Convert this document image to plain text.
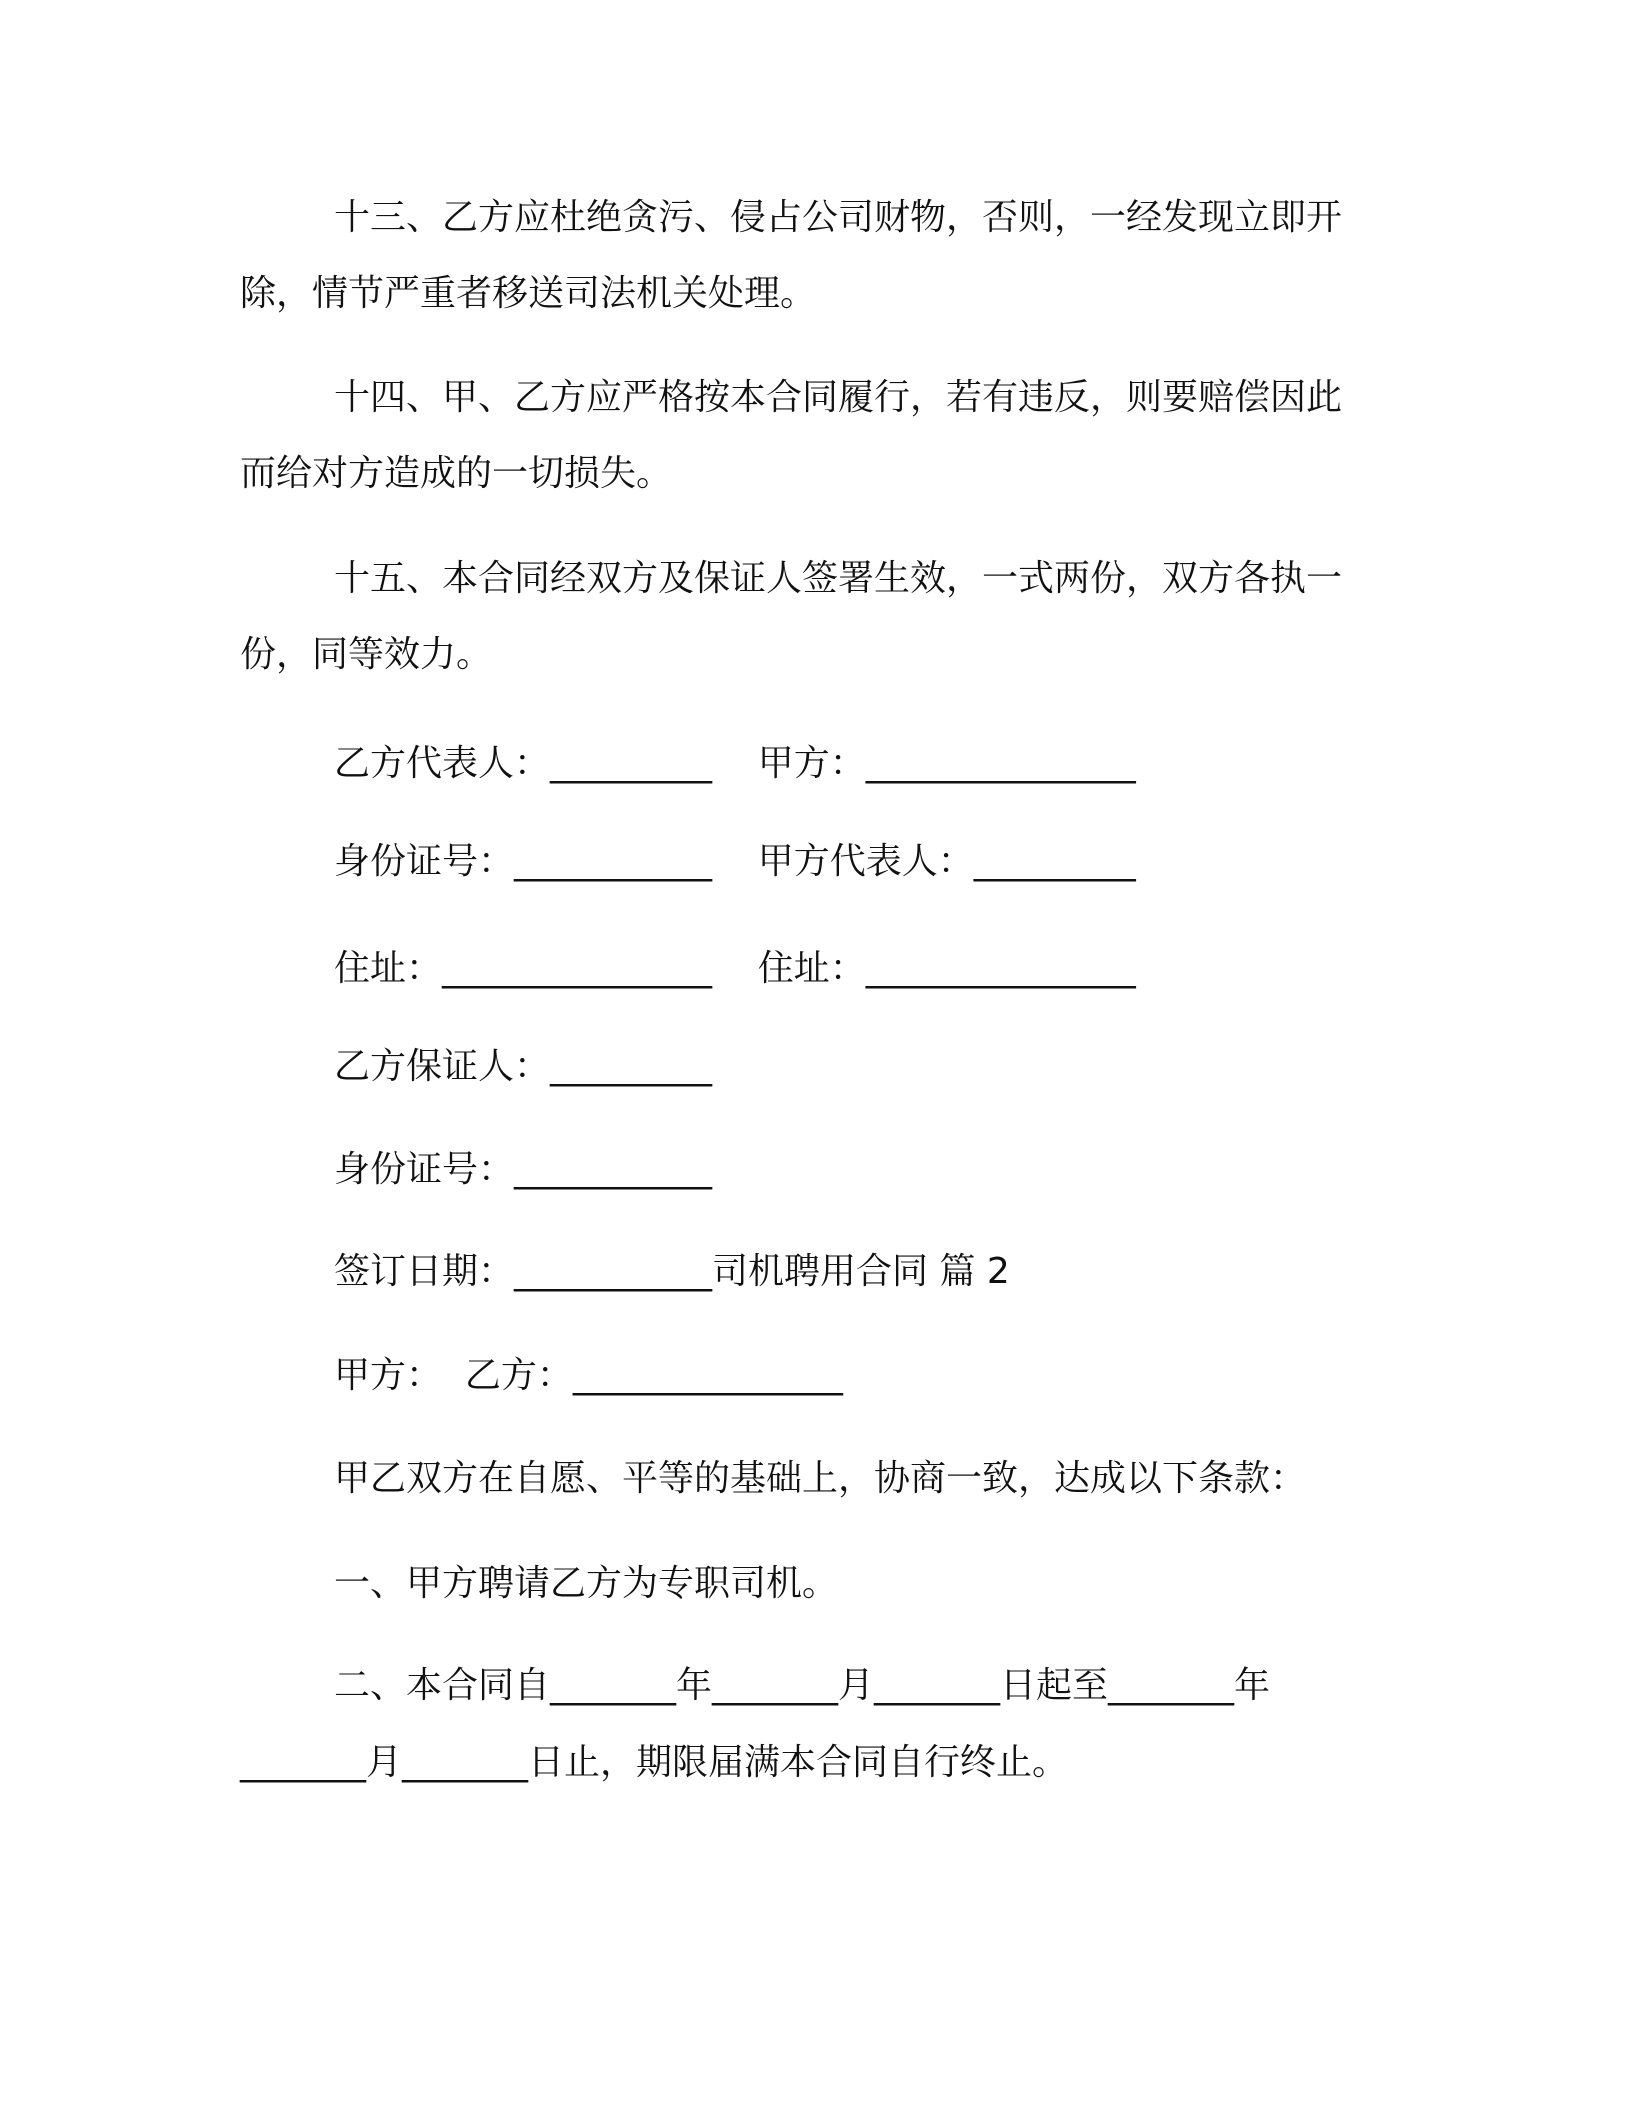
十三、乙方应杜绝贪污、侵占公司财物，否则，一经发现立即开
除，情节严重者移送司法机关处理。
十四、甲、乙方应严格按本合同履行，若有违反，则要赔偿因此
而给对方造成的一切损失。
十五、本合同经双方及保证人签署生效，一式两份，双方各执一
份，同等效力。
乙方代表人：_________    甲方：_______________
身份证号：___________    甲方代表人：_________
住址：_______________    住址：_______________
乙方保证人：_________
身份证号：___________
签订日期：___________司机聘用合同 篇 2
甲方：  乙方：_______________
甲乙双方在自愿、平等的基础上，协商一致，达成以下条款：
一、甲方聘请乙方为专职司机。
二、本合同自_______年_______月_______日起至_______年
_______月_______日止，期限届满本合同自行终止。
